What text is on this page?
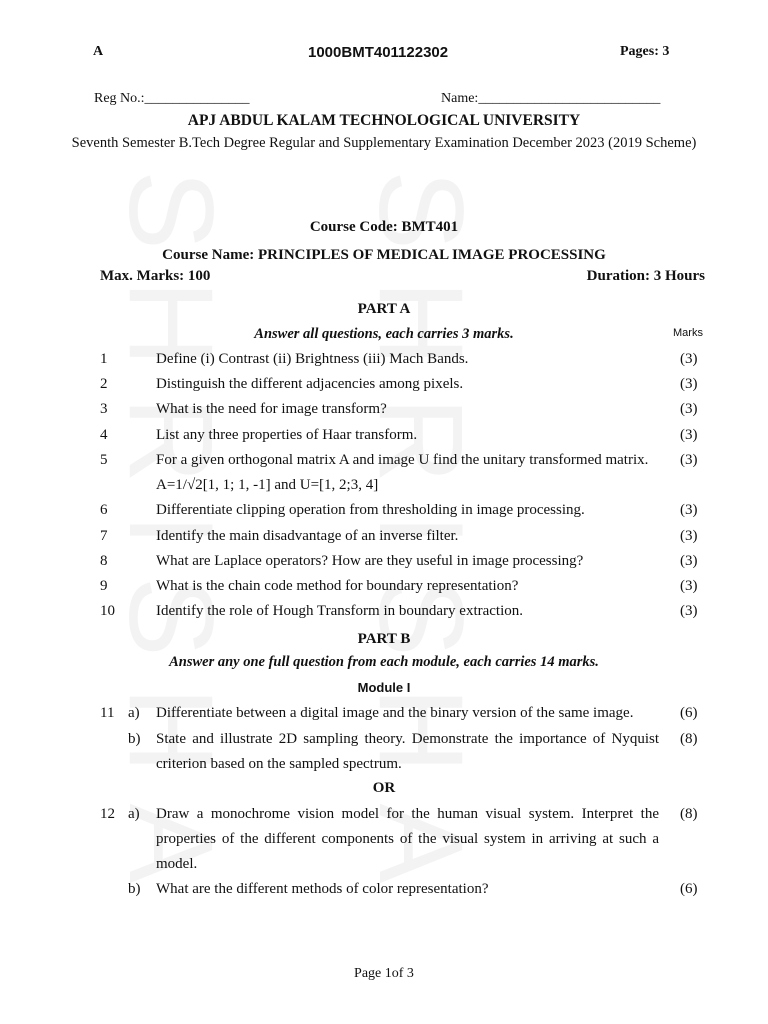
A	1000BMT401122302	Pages: 3
Reg No.:_______________	Name:__________________________
APJ ABDUL KALAM TECHNOLOGICAL UNIVERSITY
Seventh Semester B.Tech Degree Regular and Supplementary Examination December 2023 (2019 Scheme)
Course Code: BMT401
Course Name: PRINCIPLES OF MEDICAL IMAGE PROCESSING
Max. Marks: 100	Duration: 3 Hours
PART A
Answer all questions, each carries 3 marks.	Marks
1	Define (i) Contrast (ii) Brightness (iii) Mach Bands.	(3)
2	Distinguish the different adjacencies among pixels.	(3)
3	What is the need for image transform?	(3)
4	List any three properties of Haar transform.	(3)
5	For a given orthogonal matrix A and image U find the unitary transformed matrix.
A=1/√2[1, 1; 1, -1] and U=[1, 2;3, 4]
(3)
6	Differentiate clipping operation from thresholding in image processing.	(3)
7	Identify the main disadvantage of an inverse filter.	(3)
8	What are Laplace operators? How are they useful in image processing?	(3)
9	What is the chain code method for boundary representation?	(3)
10	Identify the role of Hough Transform in boundary extraction.	(3)
PART B
Answer any one full question from each module, each carries 14 marks.
Module I
11 a) Differentiate between a digital image and the binary version of the same image.	(6)
b) State and illustrate 2D sampling theory. Demonstrate the importance of Nyquist
criterion based on the sampled spectrum.
(8)
OR
12 a) Draw a monochrome vision model for the human visual system. Interpret the
properties of the different components of the visual system in arriving at such a
model.
(8)
b) What are the different methods of color representation?	(6)
Page 1of 3
